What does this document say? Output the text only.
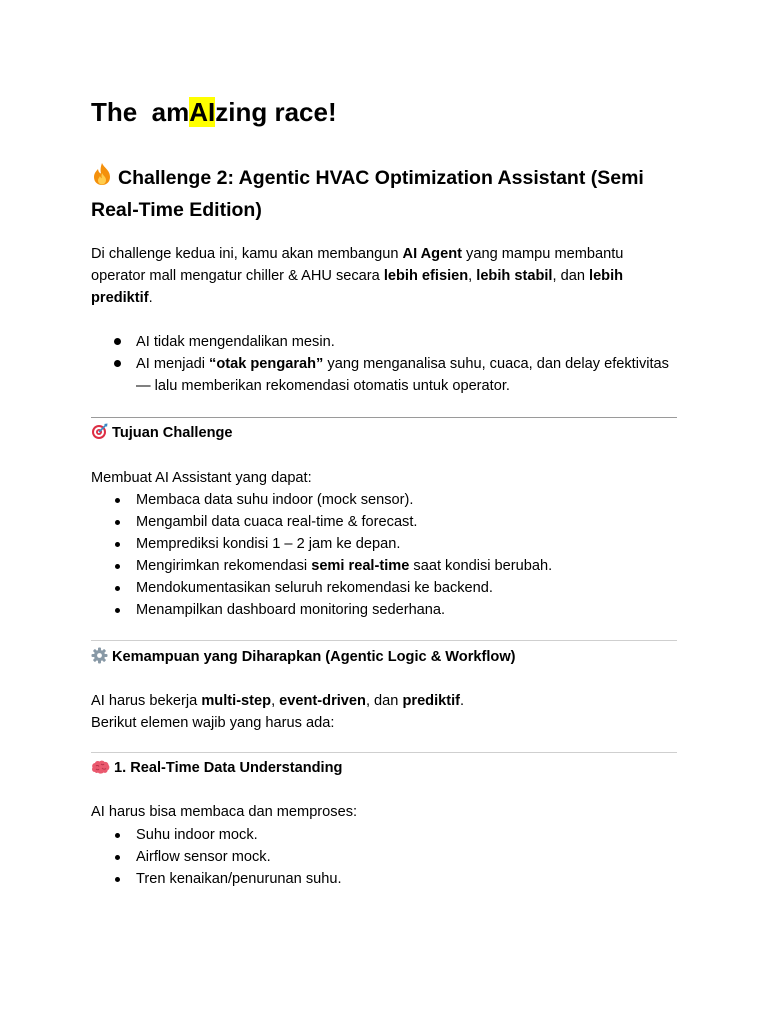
The  amAIzing race!
Challenge 2: Agentic HVAC Optimization Assistant (Semi Real-Time Edition)
Di challenge kedua ini, kamu akan membangun AI Agent yang mampu membantu operator mall mengatur chiller & AHU secara lebih efisien, lebih stabil, dan lebih prediktif.
AI tidak mengendalikan mesin.
AI menjadi “otak pengarah” yang menganalisa suhu, cuaca, dan delay efektivitas — lalu memberikan rekomendasi otomatis untuk operator.
Tujuan Challenge
Membuat AI Assistant yang dapat:
Membaca data suhu indoor (mock sensor).
Mengambil data cuaca real-time & forecast.
Memprediksi kondisi 1 – 2 jam ke depan.
Mengirimkan rekomendasi semi real-time saat kondisi berubah.
Mendokumentasikan seluruh rekomendasi ke backend.
Menampilkan dashboard monitoring sederhana.
Kemampuan yang Diharapkan (Agentic Logic & Workflow)
AI harus bekerja multi-step, event-driven, dan prediktif.
Berikut elemen wajib yang harus ada:
1. Real-Time Data Understanding
AI harus bisa membaca dan memproses:
Suhu indoor mock.
Airflow sensor mock.
Tren kenaikan/penurunan suhu.
